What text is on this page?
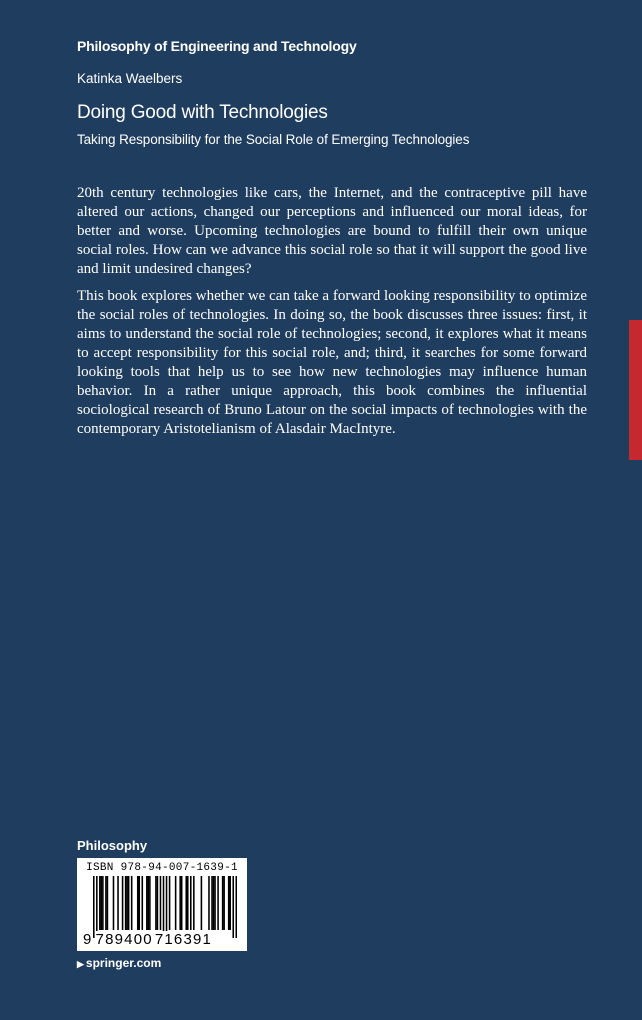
Philosophy of Engineering and Technology
Katinka Waelbers
Doing Good with Technologies
Taking Responsibility for the Social Role of Emerging Technologies

20th century technologies like cars, the Internet, and the contraceptive pill have altered our actions, changed our perceptions and influenced our moral ideas, for better and worse. Upcoming technologies are bound to fulfill their own unique social roles. How can we advance this social role so that it will support the good live and limit undesired changes?

This book explores whether we can take a forward looking responsibility to optimize the social roles of technologies. In doing so, the book discusses three issues: first, it aims to understand the social role of technologies; second, it explores what it means to accept responsibility for this social role, and; third, it searches for some forward looking tools that help us to see how new technologies may influence human behavior. In a rather unique approach, this book combines the influential sociological research of Bruno Latour on the social impacts of technologies with the contemporary Aristotelianism of Alasdair MacIntyre.

Philosophy
ISBN 978-94-007-1639-1
9 789400 716391
▶ springer.com
